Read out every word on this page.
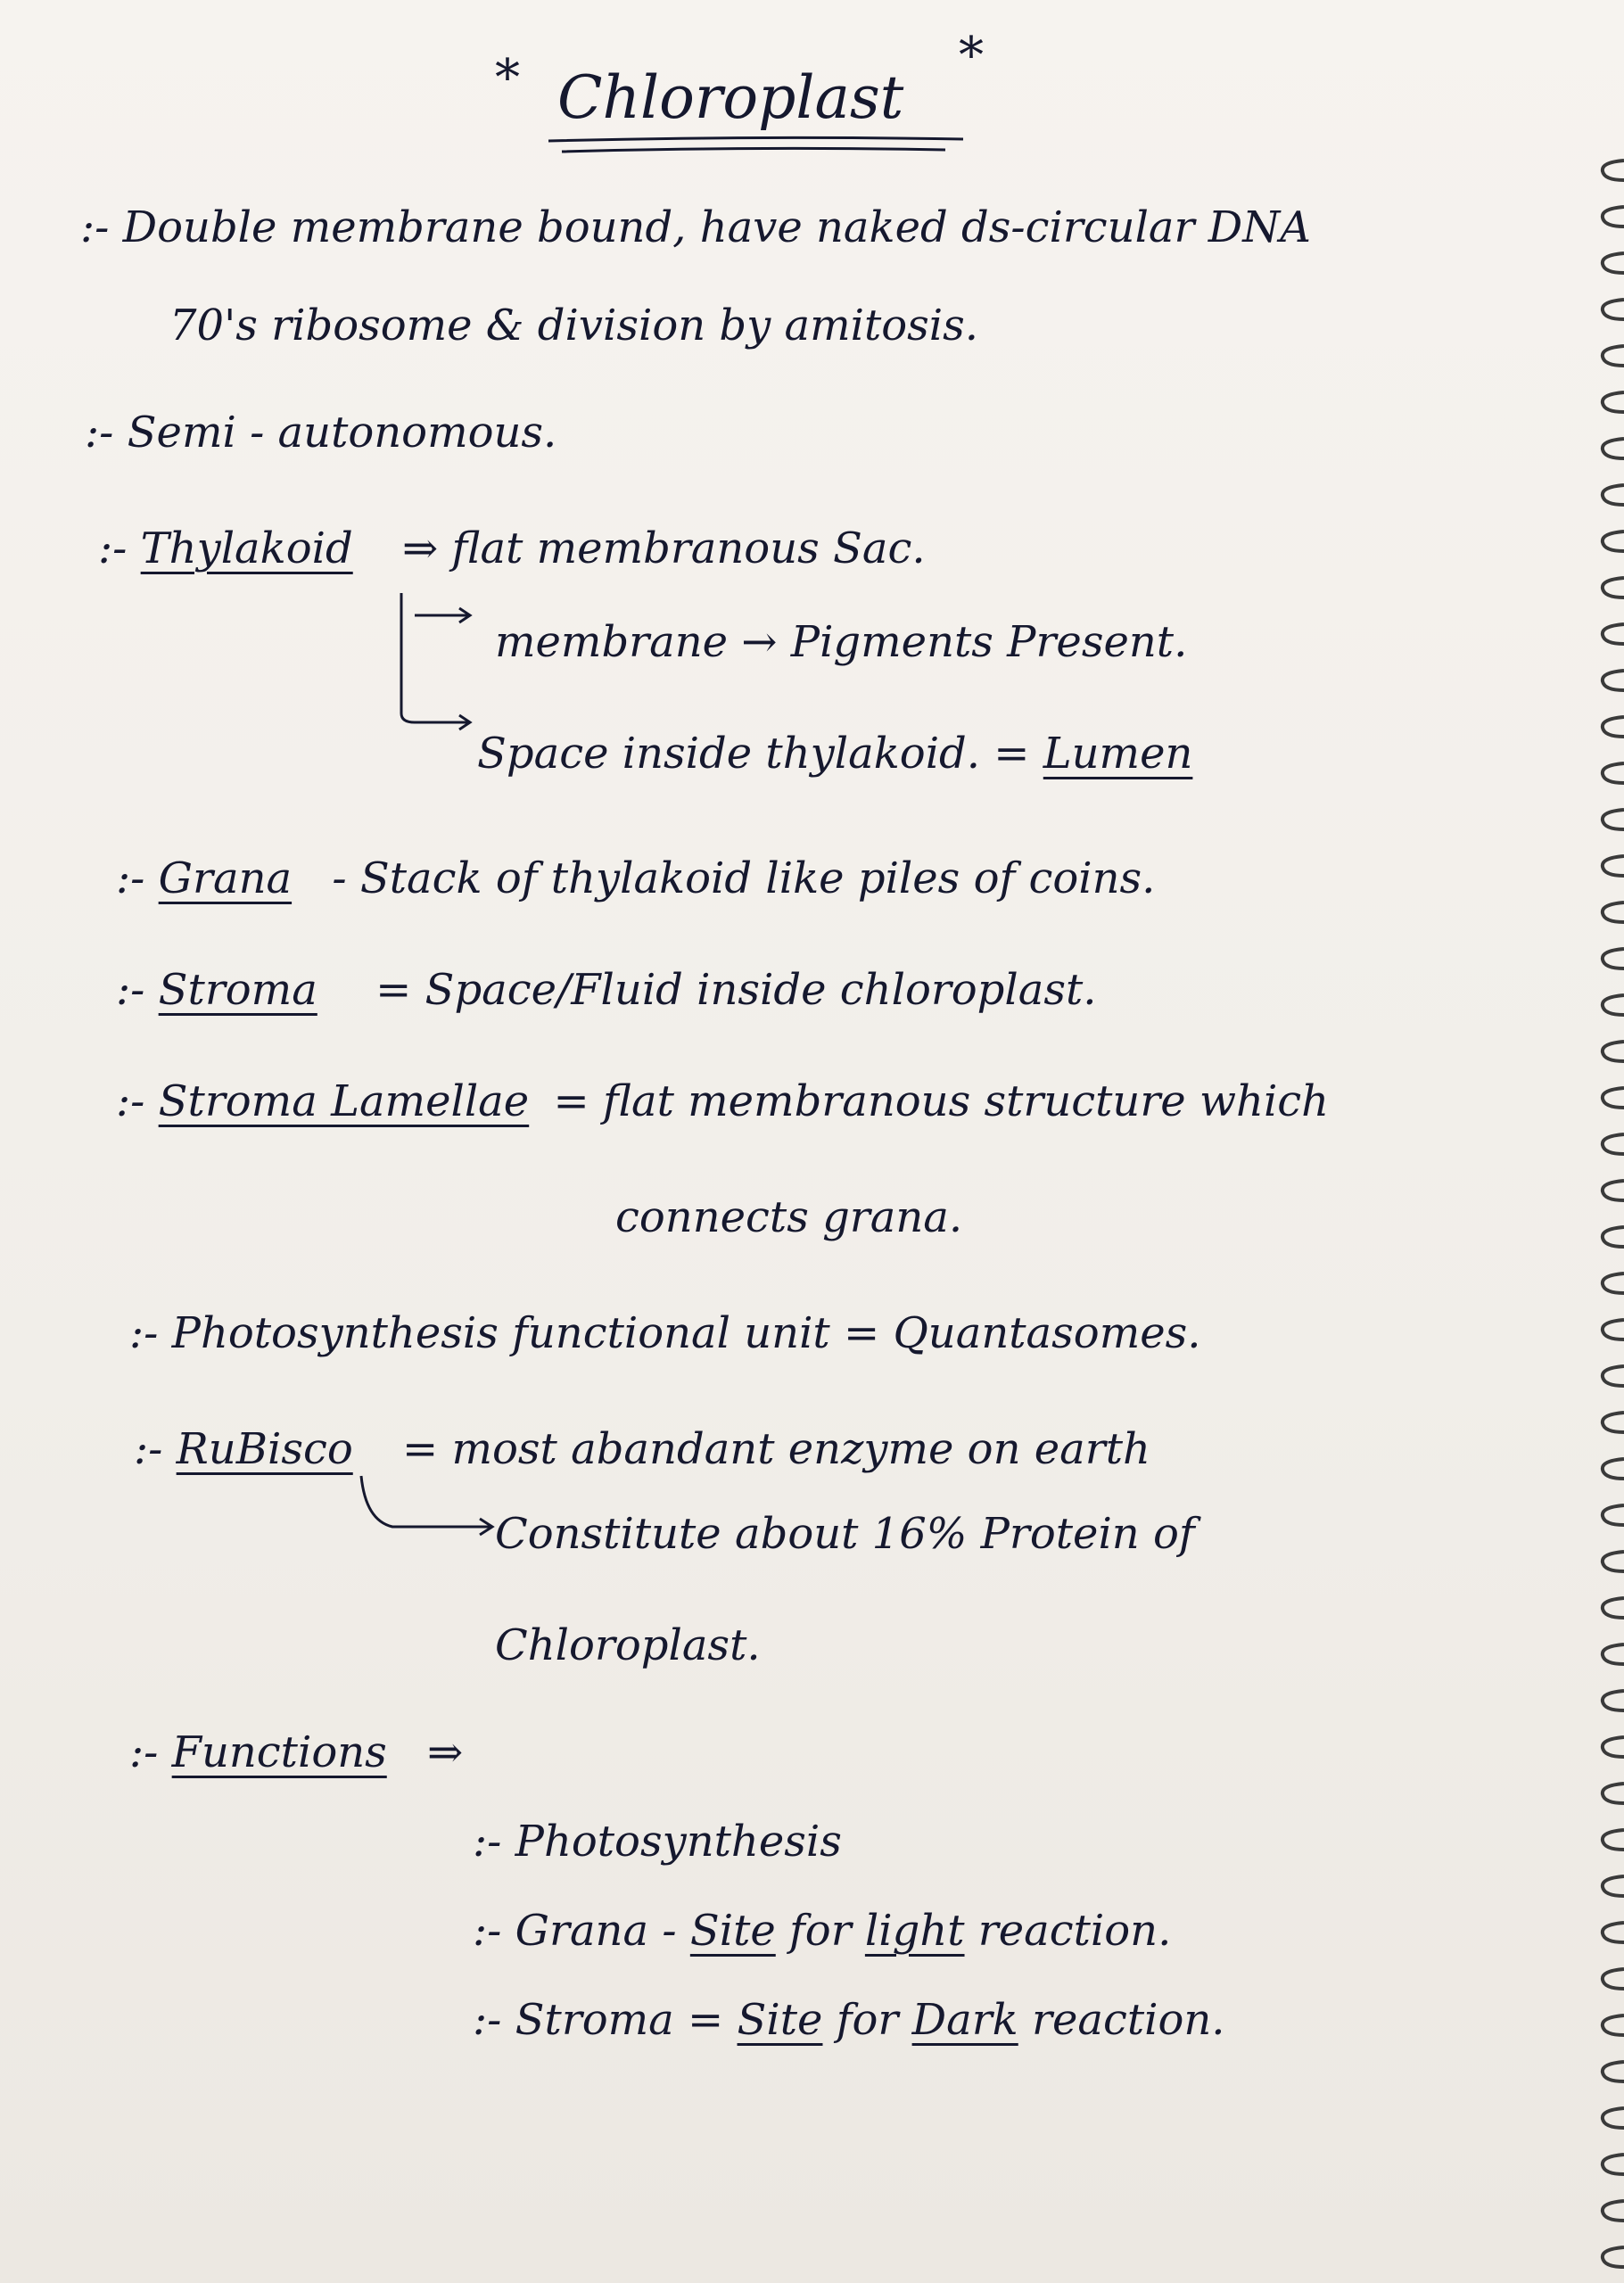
*	*
Chloroplast
:- Double membrane bound, have naked ds-circular DNA
70's ribosome & division by amitosis.
:- Semi - autonomous.
:- Thylakoid ⇒ flat membranous Sac.
membrane → Pigments Present.
Space inside thylakoid. = Lumen
:- Grana - Stack of thylakoid like piles of coins.
:- Stroma = Space/Fluid inside chloroplast.
:- Stroma Lamellae = flat membranous structure which
connects grana.
:- Photosynthesis functional unit = Quantasomes.
:- RuBisco = most abandant enzyme on earth
Constitute about 16% Protein of
Chloroplast.
:- Functions ⇒
:- Photosynthesis
:- Grana - Site for light reaction.
:- Stroma = Site for Dark reaction.
